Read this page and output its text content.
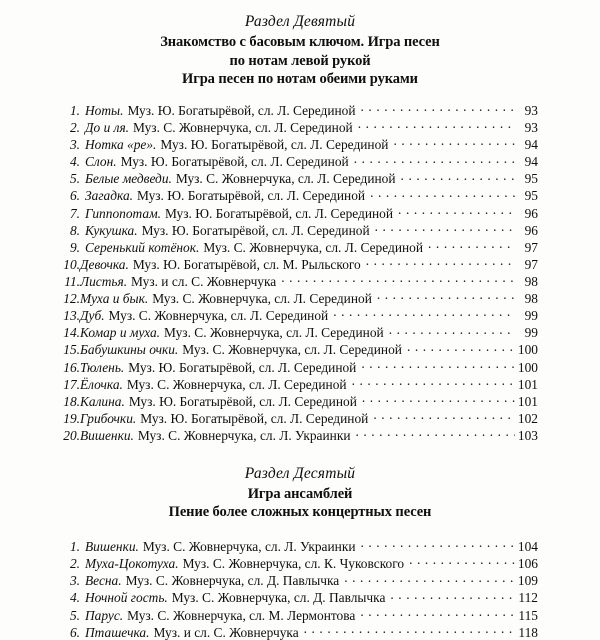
Раздел Девятый
Знакомство с басовым ключом. Игра песен
по нотам левой рукой
Игра песен по нотам обеими руками
1. Ноты. Муз. Ю. Богатырёвой, сл. Л. Серединой . . .	93
2. До и ля. Муз. С. Жовнерчука, сл. Л. Серединой . . .	93
3. Нотка «ре». Муз. Ю. Богатырёвой, сл. Л. Серединой . . .	94
4. Слон. Муз. Ю. Богатырёвой, сл. Л. Серединой . . .	94
5. Белые медведи. Муз. С. Жовнерчука, сл. Л. Серединой . . .	95
6. Загадка. Муз. Ю. Богатырёвой, сл. Л. Серединой . . .	95
7. Гиппопотам. Муз. Ю. Богатырёвой, сл. Л. Серединой . . .	96
8. Кукушка. Муз. Ю. Богатырёвой, сл. Л. Серединой . . .	96
9. Серенький котёнок. Муз. С. Жовнерчука, сл. Л. Серединой . . .	97
10. Девочка. Муз. Ю. Богатырёвой, сл. М. Рыльского . . .	97
11. Листья. Муз. и сл. С. Жовнерчука . . .	98
12. Муха и бык. Муз. С. Жовнерчука, сл. Л. Серединой . . .	98
13. Дуб. Муз. С. Жовнерчука, сл. Л. Серединой . . .	99
14. Комар и муха. Муз. С. Жовнерчука, сл. Л. Серединой . . .	99
15. Бабушкины очки. Муз. С. Жовнерчука, сл. Л. Серединой . . .	100
16. Тюлень. Муз. Ю. Богатырёвой, сл. Л. Серединой . . .	100
17. Ёлочка. Муз. С. Жовнерчука, сл. Л. Серединой . . .	101
18. Калина. Муз. Ю. Богатырёвой, сл. Л. Серединой . . .	101
19. Грибочки. Муз. Ю. Богатырёвой, сл. Л. Серединой . . .	102
20. Вишенки. Муз. С. Жовнерчука, сл. Л. Украинки . . .	103
Раздел Десятый
Игра ансамблей
Пение более сложных концертных песен
1. Вишенки. Муз. С. Жовнерчука, сл. Л. Украинки . . .	104
2. Муха-Цокотуха. Муз. С. Жовнерчука, сл. К. Чуковского . . .	106
3. Весна. Муз. С. Жовнерчука, сл. Д. Павлычка . . .	109
4. Ночной гость. Муз. С. Жовнерчука, сл. Д. Павлычка . . .	112
5. Парус. Муз. С. Жовнерчука, сл. М. Лермонтова . . .	115
6. Пташечка. Муз. и сл. С. Жовнерчука . . .	118
